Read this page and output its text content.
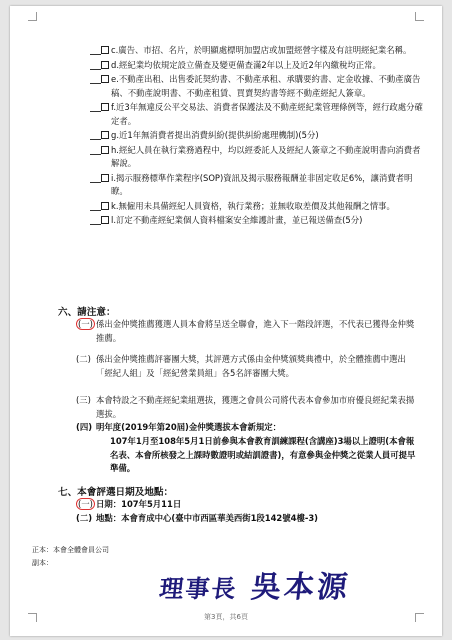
c.廣告、市招、名片，於明顯處標明加盟店或加盟經營字樣及有註明經紀業名稱。
d.經紀業均依規定設立備查及變更備查滿2年以上及近2年內繳稅均正常。
e.不動產出租、出售委託契約書、不動產承租、承購要約書、定金收據、不動產廣告稿、不動產說明書、不動產租賃、買賣契約書等經不動產經紀人簽章。
f.近3年無違反公平交易法、消費者保護法及不動產經紀業管理條例等，經行政處分確定者。
g.近1年無消費者提出消費糾紛(提供糾紛處理機制)(5分)
h.經紀人員在執行業務過程中，均以經委託人及經紀人簽章之不動產說明書向消費者解說。
i.揭示服務標準作業程序(SOP)資訊及揭示服務報酬並非固定收足6%，讓消費者明瞭。
k.無僱用未具備經紀人員資格，執行業務；並無收取差價及其他報酬之情事。
l.訂定不動產經紀業個人資料檔案安全維護計畫，並已報送備查(5分)
六、請注意：
(一) 係出金仲獎推薦獲選人員本會將呈送全聯會，進入下一階段評選，不代表已獲得金仲獎推薦。
(二) 係出金仲獎推薦評審團大獎，其評選方式係由金仲獎頒獎典禮中，於全體推薦中選出「經紀人組」及「經紀營業員組」各5名評審團大獎。
(三) 本會特設之不動產經紀業組選拔，獲選之會員公司將代表本會參加市府優良經紀業表揚選拔。
(四) 明年度(2019年第20屆)金仲獎選拔本會新規定：
107年1月至108年5月1日前參與本會教育訓練課程(含講座)3場以上證明(本會報名表、本會所核發之上課時數證明或結訓證書)，有意參與金仲獎之從業人員可提早準備。
七、本會評選日期及地點：
(一) 日期：107年5月11日
(二) 地點：本會育成中心(臺中市西區華美西街1段142號4樓-3)
正本：本會全體會員公司
副本：
理事長 吳本源
第3頁，共6頁
